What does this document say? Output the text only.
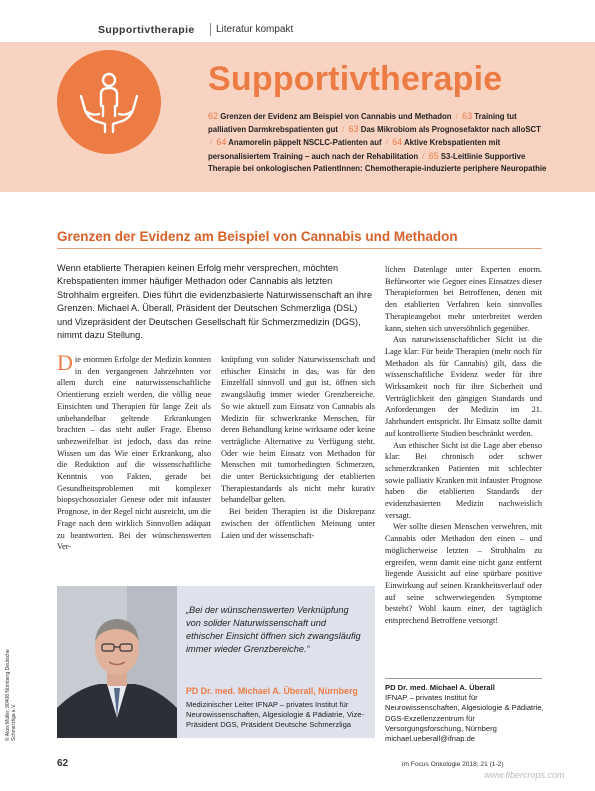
Supportivtherapie Literatur kompakt
Supportivtherapie
62 Grenzen der Evidenz am Beispiel von Cannabis und Methadon / 63 Training tut palliativen Darmkrebspatienten gut / 63 Das Mikrobiom als Prognosefaktor nach alloSCT / 64 Anamorelin päppelt NSCLC-Patienten auf / 64 Aktive Krebspatienten mit personalisiertem Training – auch nach der Rehabilitation / 65 S3-Leitlinie Supportive Therapie bei onkologischen PatientInnen: Chemotherapie-induzierte periphere Neuropathie
Grenzen der Evidenz am Beispiel von Cannabis und Methadon

Wenn etablierte Therapien keinen Erfolg mehr versprechen, möchten Krebspatienten immer häufiger Methadon oder Cannabis als letzten Strohhalm ergreifen. Dies führt die evidenzbasierte Naturwissenschaft an ihre Grenzen. Michael A. Überall, Präsident der Deutschen Schmerzliga (DSL) und Vizepräsident der Deutschen Gesellschaft für Schmerzmedizin (DGS), nimmt dazu Stellung.

Die enormen Erfolge der Medizin konnten in den vergangenen Jahrzehnten vor allem durch eine naturwissenschaftliche Orientierung erzielt werden, die völlig neue Einsichten und Therapien für lange Zeit als unbehandelbar geltende Erkrankungen brachten – das steht außer Frage. Ebenso unbezweifelbar ist jedoch, dass das reine Wissen um das Wie einer Erkrankung, also die Reduktion auf die wissenschaftliche Kenntnis von Fakten, gerade bei Gesundheitsproblemen mit komplexer biopsychosozialer Genese oder mit infauster Prognose, in der Regel nicht ausreicht, um die Frage nach dem wirklich Sinnvollen adäquat zu beantworten. Bei der wünschenswerten Ver-

knüpfung von solider Naturwissenschaft und ethischer Einsicht in das, was für den Einzelfall sinnvoll und gut ist, öffnen sich zwangsläufig immer wieder Grenzbereiche. So wie aktuell zum Einsatz von Cannabis als Medizin für schwerkranke Menschen, für deren Behandlung keine wirksame oder keine verträgliche Alternative zu Verfügung steht. Oder wie beim Einsatz von Methadon für Menschen mit tumorbedingten Schmerzen, die unter Berücksichtigung der etablierten Therapiestandards als nicht mehr kurativ behandelbar gelten.

Bei beiden Therapien ist die Diskrepanz zwischen der öffentlichen Meinung unter Laien und der wissenschaft-

lichen Datenlage unter Experten enorm. Befürworter wie Gegner eines Einsatzes dieser Therapieformen bei Betroffenen, denen mit den etablierten Verfahren kein sinnvolles Therapieangebot mehr unterbreitet werden kann, stehen sich unversöhnlich gegenüber.

Aus naturwissenschaftlicher Sicht ist die Lage klar: Für beide Therapien (mehr noch für Methadon als für Cannabis) gilt, dass die wissenschaftliche Evidenz weder für ihre Wirksamkeit noch für ihre Sicherheit und Verträglichkeit den gängigen Standards und Anforderungen der Medizin im 21. Jahrhundert entspricht. Ihr Einsatz sollte damit auf kontrollierte Studien beschränkt werden.

Aus ethischer Sicht ist die Lage aber ebenso klar: Bei chronisch oder schwer schmerzkranken Patienten mit schlechter sowie palliativ Kranken mit infauster Prognose haben die etablierten Standards der evidenzbasierten Medizin nachweislich versagt.

Wer sollte diesen Menschen verwehren, mit Cannabis oder Methadon den einen – und möglicherweise letzten – Strohhalm zu ergreifen, wenn damit eine nicht ganz entfernt liegende Aussicht auf eine spürbare positive Einwirkung auf seinen Krankheitsverlauf oder auf seine schwerwiegenden Symptome besteht? Wohl kaum einer, der tagtäglich entsprechend Betroffene versorgt!

© Alois Müller, 90408 Nürnberg Deutsche Schmerzliga e.V.

„Bei der wünschenswerten Verknüpfung von solider Naturwissenschaft und ethischer Einsicht öffnen sich zwangsläufig immer wieder Grenzbereiche.“

PD Dr. med. Michael A. Überall, Nürnberg
Medizinischer Leiter IFNAP – privates Institut für Neurowissenschaften, Algesiologie & Pädiatrie, Vize-Präsident DGS, Präsident Deutsche Schmerzliga
PD Dr. med. Michael A. Überall
IFNAP – privates Institut für Neurowissenschaften, Algesiologie & Pädiatrie,
DGS-Exzellenzzentrum für Versorgungsforschung, Nürnberg
michael.ueberall@ifnap.de
62	im Focus Onkologie 2018; 21 (1-2)
www.fibercrops.com
